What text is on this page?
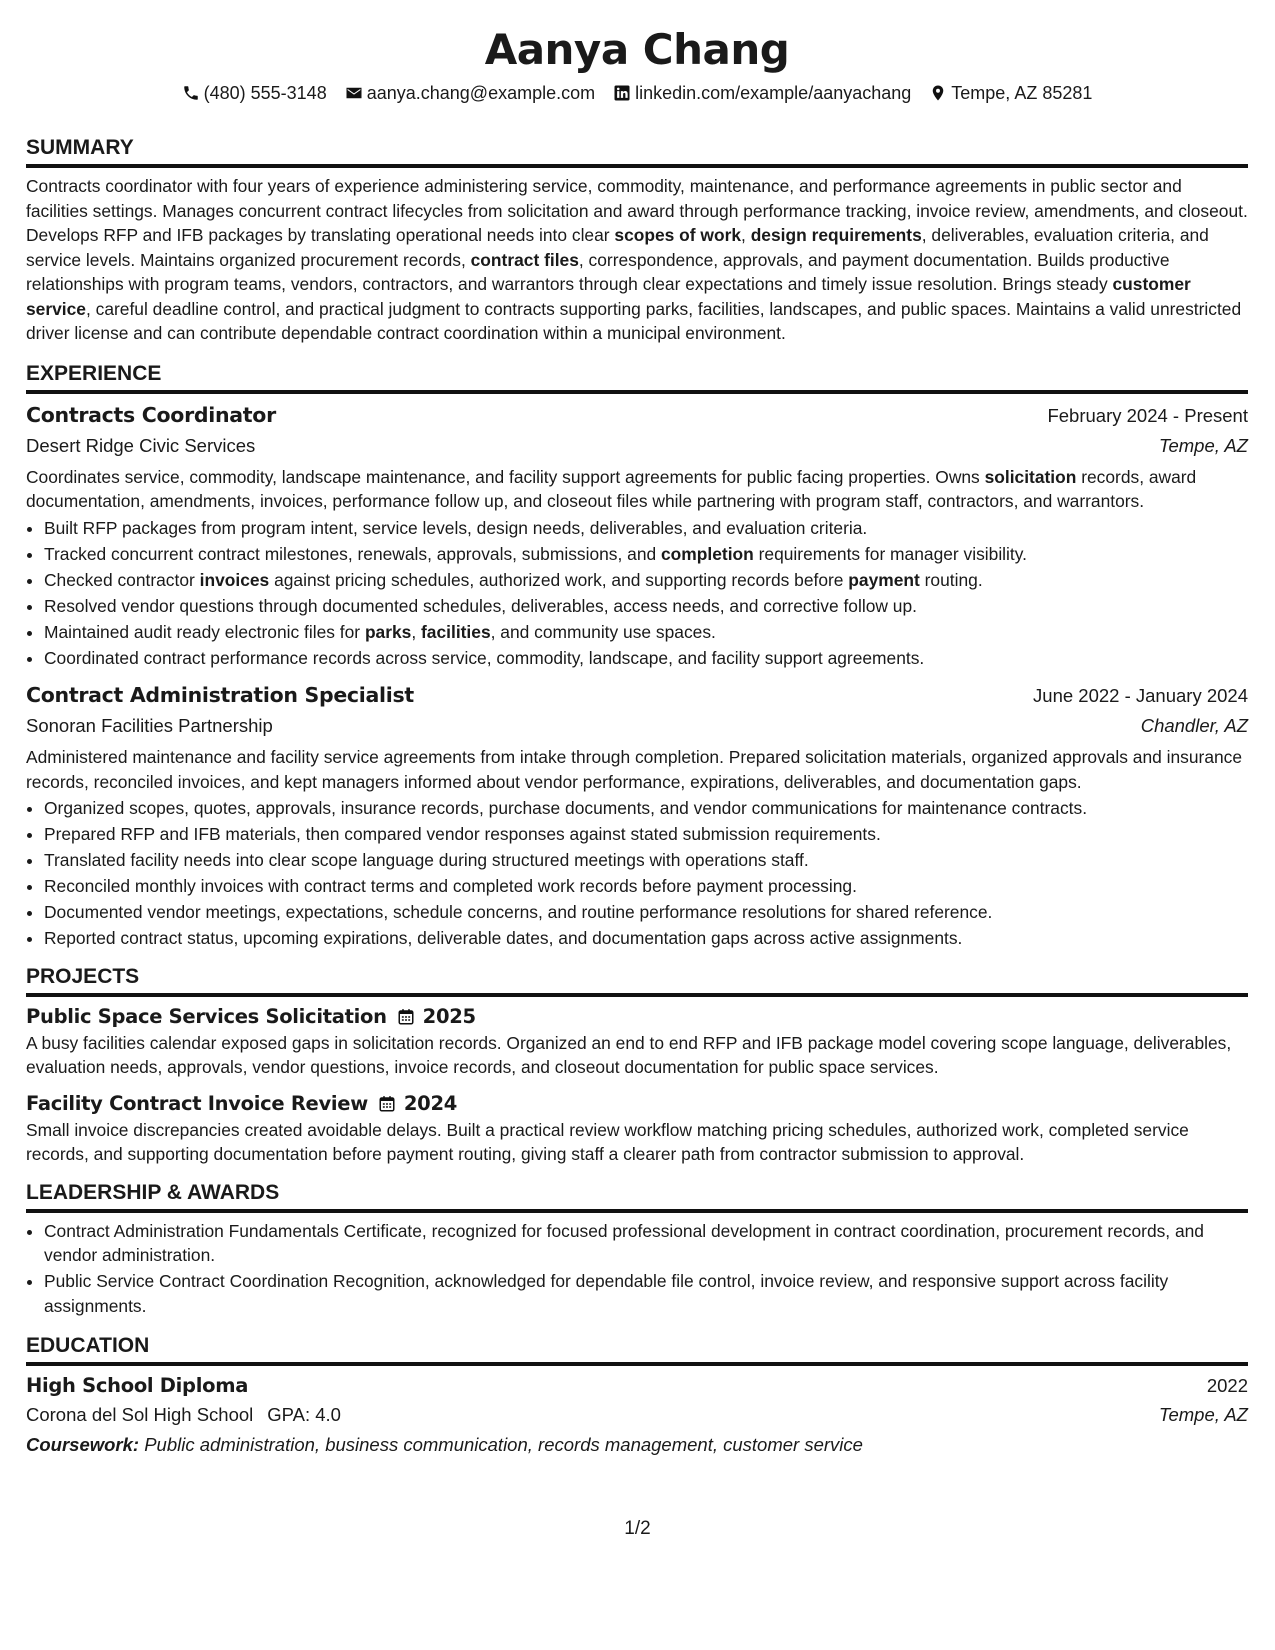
Aanya Chang
(480) 555-3148 aanya.chang@example.com linkedin.com/example/aanyachang Tempe, AZ 85281
SUMMARY

Contracts coordinator with four years of experience administering service, commodity, maintenance, and performance agreements in public sector and facilities settings. Manages concurrent contract lifecycles from solicitation and award through performance tracking, invoice review, amendments, and closeout. Develops RFP and IFB packages by translating operational needs into clear scopes of work, design requirements, deliverables, evaluation criteria, and service levels. Maintains organized procurement records, contract files, correspondence, approvals, and payment documentation. Builds productive relationships with program teams, vendors, contractors, and warrantors through clear expectations and timely issue resolution. Brings steady customer service, careful deadline control, and practical judgment to contracts supporting parks, facilities, landscapes, and public spaces. Maintains a valid unrestricted driver license and can contribute dependable contract coordination within a municipal environment.

EXPERIENCE
Contracts Coordinator	February 2024 - Present
Desert Ridge Civic Services	Tempe, AZ

Coordinates service, commodity, landscape maintenance, and facility support agreements for public facing properties. Owns solicitation records, award documentation, amendments, invoices, performance follow up, and closeout files while partnering with program staff, contractors, and warrantors.

• Built RFP packages from program intent, service levels, design needs, deliverables, and evaluation criteria.
• Tracked concurrent contract milestones, renewals, approvals, submissions, and completion requirements for manager visibility.
• Checked contractor invoices against pricing schedules, authorized work, and supporting records before payment routing.
• Resolved vendor questions through documented schedules, deliverables, access needs, and corrective follow up.
• Maintained audit ready electronic files for parks, facilities, and community use spaces.
• Coordinated contract performance records across service, commodity, landscape, and facility support agreements.
Contract Administration Specialist	June 2022 - January 2024
Sonoran Facilities Partnership	Chandler, AZ

Administered maintenance and facility service agreements from intake through completion. Prepared solicitation materials, organized approvals and insurance records, reconciled invoices, and kept managers informed about vendor performance, expirations, deliverables, and documentation gaps.

• Organized scopes, quotes, approvals, insurance records, purchase documents, and vendor communications for maintenance contracts.
• Prepared RFP and IFB materials, then compared vendor responses against stated submission requirements.
• Translated facility needs into clear scope language during structured meetings with operations staff.
• Reconciled monthly invoices with contract terms and completed work records before payment processing.
• Documented vendor meetings, expectations, schedule concerns, and routine performance resolutions for shared reference.
• Reported contract status, upcoming expirations, deliverable dates, and documentation gaps across active assignments.
PROJECTS
Public Space Services Solicitation 2025

A busy facilities calendar exposed gaps in solicitation records. Organized an end to end RFP and IFB package model covering scope language, deliverables, evaluation needs, approvals, vendor questions, invoice records, and closeout documentation for public space services.

Facility Contract Invoice Review 2024

Small invoice discrepancies created avoidable delays. Built a practical review workflow matching pricing schedules, authorized work, completed service records, and supporting documentation before payment routing, giving staff a clearer path from contractor submission to approval.

LEADERSHIP & AWARDS
• Contract Administration Fundamentals Certificate, recognized for focused professional development in contract coordination, procurement records, and vendor administration.
• Public Service Contract Coordination Recognition, acknowledged for dependable file control, invoice review, and responsive support across facility assignments.
EDUCATION
High School Diploma	2022
Corona del Sol High School GPA: 4.0	Tempe, AZ
Coursework: Public administration, business communication, records management, customer service
1/2
